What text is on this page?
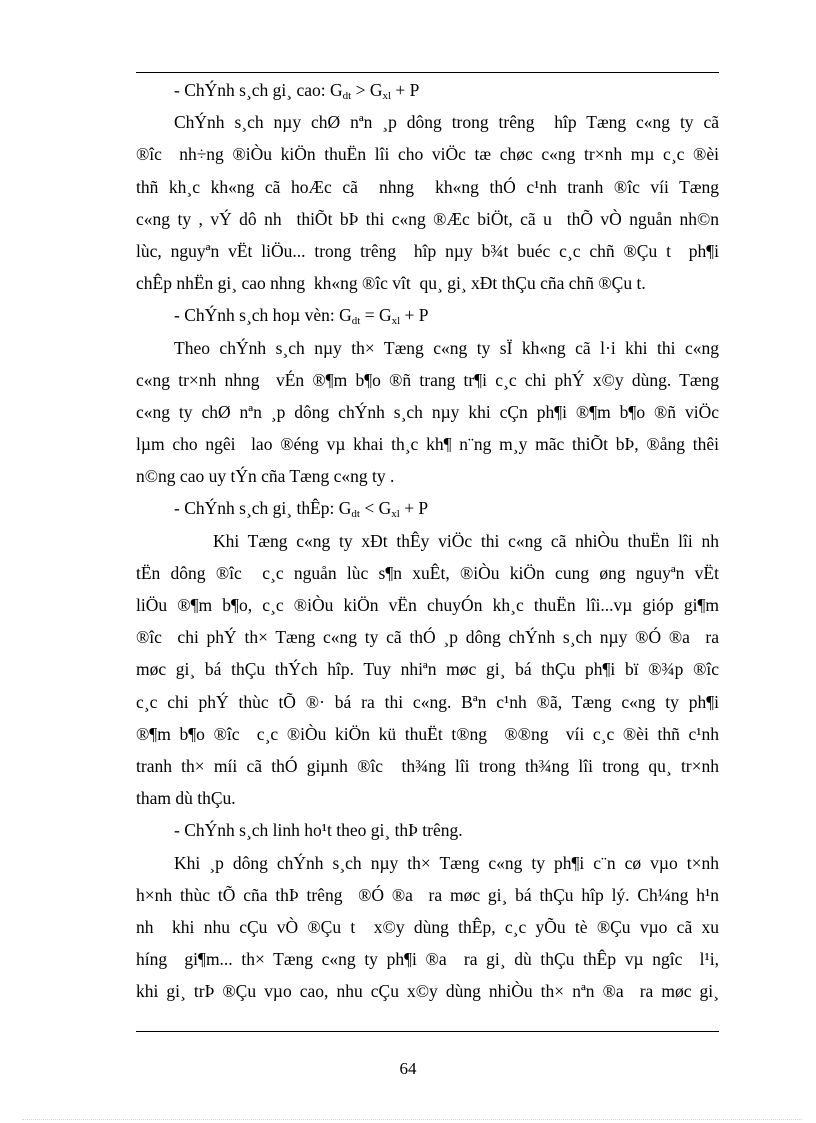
- ChÝnh s¸ch gi¸ cao: $G_{dt} > G_{xl} + P$
ChÝnh s¸ch nµy chØ nªn ¸p dông trong trêng  hîp Tæng c«ng ty cã
®îc  nh÷ng ®iÒu kiÖn thuËn lîi cho viÖc tæ chøc c«ng tr×nh mµ c¸c ®èi
thñ kh¸c kh«ng cã hoÆc cã  nhng  kh«ng thÓ c¹nh tranh ®îc víi Tæng
c«ng ty , vÝ dô nh  thiÕt bÞ thi c«ng ®Æc biÖt, cã u  thÕ vÒ nguån nh©n
lùc, nguyªn vËt liÖu... trong trêng  hîp nµy b¾t buéc c¸c chñ ®Çu t  ph¶i
chÊp nhËn gi¸ cao nhng  kh«ng ®îc vît  qu¸ gi¸ xÐt thÇu cña chñ ®Çu t.
- ChÝnh s¸ch hoµ vèn: $G_{dt} = G_{xl} + P$
Theo chÝnh s¸ch nµy th× Tæng c«ng ty sÏ kh«ng cã l·i khi thi c«ng
c«ng tr×nh nhng  vÉn ®¶m b¶o ®ñ trang tr¶i c¸c chi phÝ x©y dùng. Tæng
c«ng ty chØ nªn ¸p dông chÝnh s¸ch nµy khi cÇn ph¶i ®¶m b¶o ®ñ viÖc
lµm cho ngêi  lao ®éng vµ khai th¸c kh¶ n¨ng m¸y mãc thiÕt bÞ, ®ång thêi
n©ng cao uy tÝn cña Tæng c«ng ty .
- ChÝnh s¸ch gi¸ thÊp: $G_{dt} < G_{xl} + P$
Khi Tæng c«ng ty xÐt thÊy viÖc thi c«ng cã nhiÒu thuËn lîi nh
tËn dông ®îc  c¸c nguån lùc s¶n xuÊt, ®iÒu kiÖn cung øng nguyªn vËt
liÖu ®¶m b¶o, c¸c ®iÒu kiÖn vËn chuyÓn kh¸c thuËn lîi...vµ gióp gi¶m
®îc  chi phÝ th× Tæng c«ng ty cã thÓ ¸p dông chÝnh s¸ch nµy ®Ó ®a  ra
møc gi¸ bá thÇu thÝch hîp. Tuy nhiªn møc gi¸ bá thÇu ph¶i bï ®¾p ®îc
c¸c chi phÝ thùc tÕ ®· bá ra thi c«ng. Bªn c¹nh ®ã, Tæng c«ng ty ph¶i
®¶m b¶o ®îc  c¸c ®iÒu kiÖn kü thuËt t®ng  ®®ng  víi c¸c ®èi thñ c¹nh
tranh th× míi cã thÓ giµnh ®îc  th¾ng lîi trong th¾ng lîi trong qu¸ tr×nh
tham dù thÇu.
- ChÝnh s¸ch linh ho¹t theo gi¸ thÞ trêng.
Khi ¸p dông chÝnh s¸ch nµy th× Tæng c«ng ty ph¶i c¨n cø vµo t×nh
h×nh thùc tÕ cña thÞ trêng  ®Ó ®a  ra møc gi¸ bá thÇu hîp lý. Ch¼ng h¹n
nh  khi nhu cÇu vÒ ®Çu t  x©y dùng thÊp, c¸c yÕu tè ®Çu vµo cã xu
híng  gi¶m... th× Tæng c«ng ty ph¶i ®a  ra gi¸ dù thÇu thÊp vµ ngîc  l¹i,
khi gi¸ trÞ ®Çu vµo cao, nhu cÇu x©y dùng nhiÒu th× nªn ®a  ra møc gi¸
64
